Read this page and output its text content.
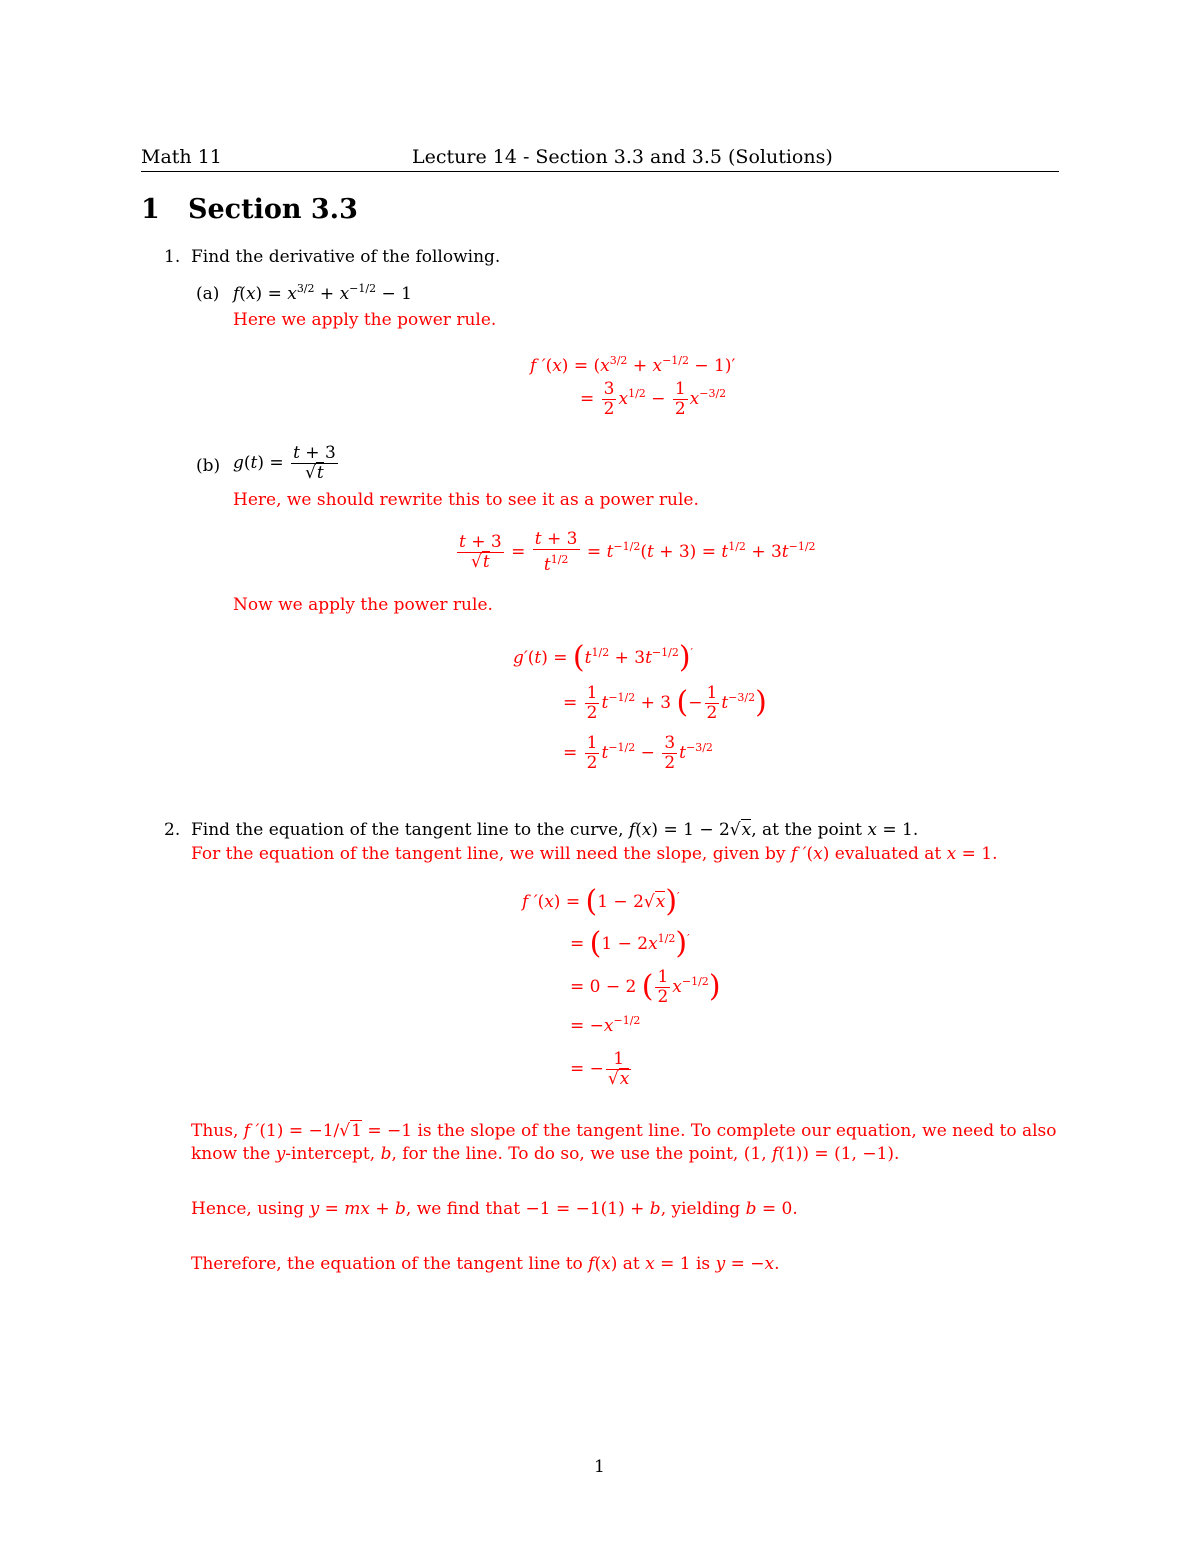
Math 11	Lecture 14 - Section 3.3 and 3.5 (Solutions)
1 Section 3.3
1. Find the derivative of the following.
(a) $f(x) = x^{3/2} + x^{-1/2} - 1$
Here we apply the power rule.
f $'(x) = (x^{3/2} + x^{-1/2} - 1)'$
= $\frac{3}{2} x^{1/2} - \frac{1}{2} x^{-3/2}$
(b) $g(t) = \frac{t + 3}{√t}$
Here, we should rewrite this to see it as a power rule.
$\frac{t + 3}{√t} = \frac{t + 3}{t^{1/2}} = t^{-1/2}(t + 3) = t^{1/2} + 3t^{-1/2}$
Now we apply the power rule.
$g'(t) = (t^{1/2} + 3t^{-1/2})'$
= $\frac{1}{2} t^{-1/2} + 3$ (− $\frac{1}{2} t^{-3/2}$)
= $\frac{1}{2} t^{-1/2} - \frac{3}{2} t^{-3/2}$
2. Find the equation of the tangent line to the curve, f(x) = 1 − 2√x, at the point x = 1.
For the equation of the tangent line, we will need the slope, given by f ′(x) evaluated at x = 1.
f ′(x) = (1 − 2√x)′
= $(1 - 2x^{1/2})'$
= 0 − 2 ( $\frac{1}{2} x^{-1/2}$)
= $-x^{-1/2}$
= − $\frac{1}{√x}$
Thus, f ′(1) = −1/√1 = −1 is the slope of the tangent line. To complete our equation, we need to also
know the y-intercept, b, for the line. To do so, we use the point, (1, f(1)) = (1, −1).
Hence, using y = mx + b, we find that −1 = −1(1) + b, yielding b = 0.
Therefore, the equation of the tangent line to f(x) at x = 1 is y = −x.
1
